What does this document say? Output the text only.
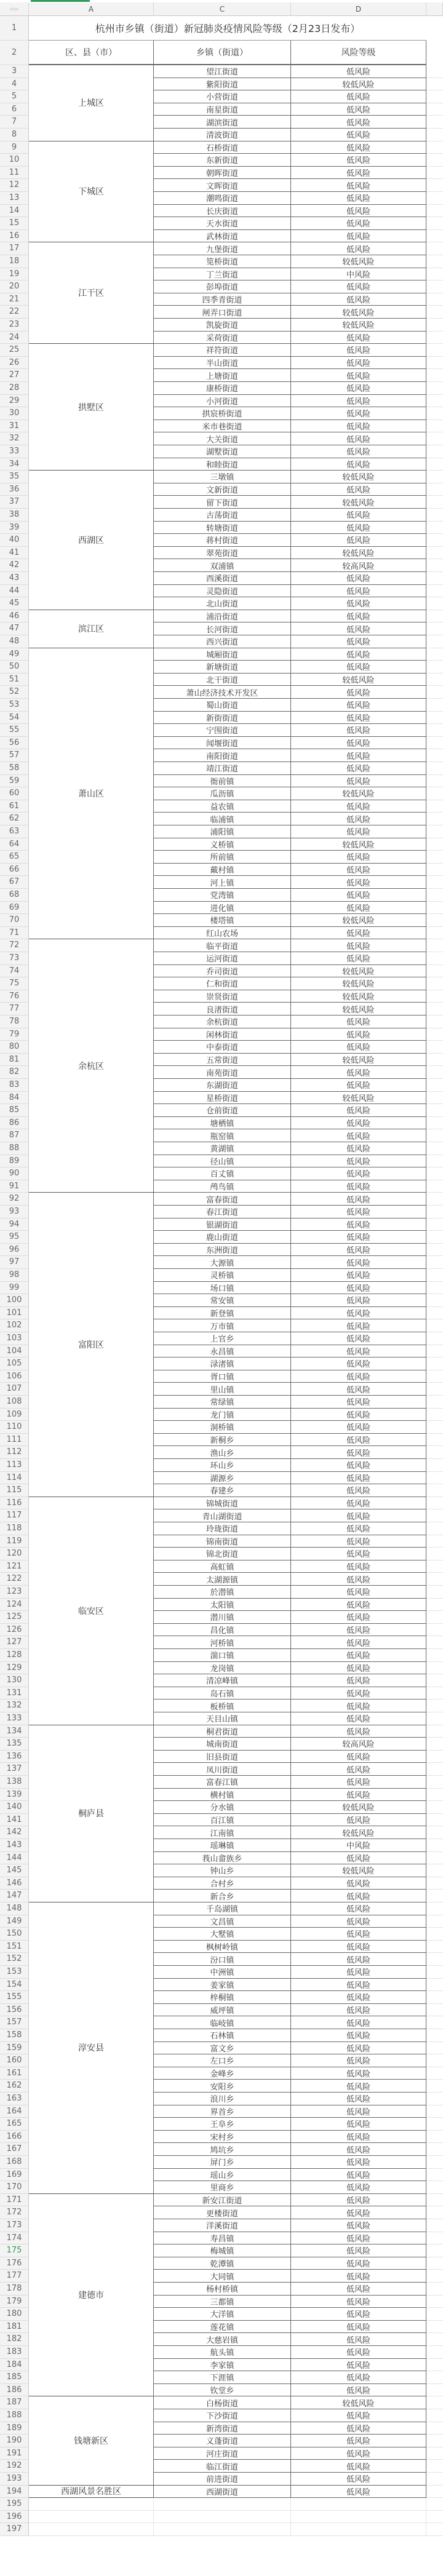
xlsx	A	C	D
1	杭州市乡镇（街道）新冠肺炎疫情风险等级（2月23日发布）
2	区、县（市）	乡镇（街道）	风险等级
上城区
3	望江街道	低风险
4	紫阳街道	较低风险
5	小营街道	低风险
6	南星街道	低风险
7	湖滨街道	低风险
8	清波街道	低风险
下城区
9	石桥街道	低风险
10	东新街道	低风险
11	朝晖街道	低风险
12	文晖街道	低风险
13	潮鸣街道	低风险
14	长庆街道	低风险
15	天水街道	低风险
16	武林街道	低风险
江干区
17	九堡街道	低风险
18	笕桥街道	较低风险
19	丁兰街道	中风险
20	彭埠街道	低风险
21	四季青街道	低风险
22	闸弄口街道	较低风险
23	凯旋街道	较低风险
24	采荷街道	低风险
拱墅区
25	祥符街道	低风险
26	半山街道	低风险
27	上塘街道	低风险
28	康桥街道	低风险
29	小河街道	低风险
30	拱宸桥街道	低风险
31	米市巷街道	低风险
32	大关街道	低风险
33	湖墅街道	低风险
34	和睦街道	低风险
西湖区
35	三墩镇	较低风险
36	文新街道	低风险
37	留下街道	较低风险
38	古荡街道	低风险
39	转塘街道	低风险
40	蒋村街道	低风险
41	翠苑街道	较低风险
42	双浦镇	较高风险
43	西溪街道	低风险
44	灵隐街道	低风险
45	北山街道	低风险
滨江区
46	浦沿街道	低风险
47	长河街道	低风险
48	西兴街道	低风险
萧山区
49	城厢街道	低风险
50	新塘街道	低风险
51	北干街道	较低风险
52	萧山经济技术开发区	低风险
53	蜀山街道	低风险
54	新街街道	低风险
55	宁围街道	低风险
56	闻堰街道	低风险
57	南阳街道	低风险
58	靖江街道	低风险
59	衙前镇	低风险
60	瓜沥镇	较低风险
61	益农镇	低风险
62	临浦镇	低风险
63	浦阳镇	低风险
64	义桥镇	较低风险
65	所前镇	低风险
66	戴村镇	低风险
67	河上镇	低风险
68	党湾镇	低风险
69	进化镇	低风险
70	楼塔镇	较低风险
71	红山农场	低风险
余杭区
72	临平街道	低风险
73	运河街道	低风险
74	乔司街道	较低风险
75	仁和街道	较低风险
76	崇贤街道	较低风险
77	良渚街道	较低风险
78	余杭街道	低风险
79	闲林街道	低风险
80	中泰街道	低风险
81	五常街道	较低风险
82	南苑街道	低风险
83	东湖街道	低风险
84	星桥街道	较低风险
85	仓前街道	低风险
86	塘栖镇	低风险
87	瓶窑镇	低风险
88	黄湖镇	低风险
89	径山镇	低风险
90	百丈镇	低风险
91	鸬鸟镇	低风险
富阳区
92	富春街道	低风险
93	春江街道	低风险
94	银湖街道	低风险
95	鹿山街道	低风险
96	东洲街道	低风险
97	大源镇	低风险
98	灵桥镇	低风险
99	场口镇	低风险
100	常安镇	低风险
101	新登镇	低风险
102	万市镇	低风险
103	上官乡	低风险
104	永昌镇	低风险
105	渌渚镇	低风险
106	胥口镇	低风险
107	里山镇	低风险
108	常绿镇	低风险
109	龙门镇	低风险
110	洞桥镇	低风险
111	新桐乡	低风险
112	渔山乡	低风险
113	环山乡	低风险
114	湖源乡	低风险
115	春建乡	低风险
临安区
116	锦城街道	低风险
117	青山湖街道	低风险
118	玲珑街道	低风险
119	锦南街道	低风险
120	锦北街道	低风险
121	高虹镇	低风险
122	太湖源镇	低风险
123	於潜镇	低风险
124	太阳镇	低风险
125	潜川镇	低风险
126	昌化镇	低风险
127	河桥镇	低风险
128	湍口镇	低风险
129	龙岗镇	低风险
130	清凉峰镇	低风险
131	岛石镇	低风险
132	板桥镇	低风险
133	天目山镇	低风险
桐庐县
134	桐君街道	低风险
135	城南街道	较高风险
136	旧县街道	低风险
137	凤川街道	低风险
138	富春江镇	低风险
139	横村镇	低风险
140	分水镇	较低风险
141	百江镇	低风险
142	江南镇	较低风险
143	瑶琳镇	中风险
144	莪山畲族乡	低风险
145	钟山乡	较低风险
146	合村乡	低风险
147	新合乡	低风险
淳安县
148	千岛湖镇	低风险
149	文昌镇	低风险
150	大墅镇	低风险
151	枫树岭镇	低风险
152	汾口镇	低风险
153	中洲镇	低风险
154	姜家镇	低风险
155	梓桐镇	低风险
156	威坪镇	低风险
157	临岐镇	低风险
158	石林镇	低风险
159	富文乡	低风险
160	左口乡	低风险
161	金峰乡	低风险
162	安阳乡	低风险
163	浪川乡	低风险
164	界首乡	低风险
165	王阜乡	低风险
166	宋村乡	低风险
167	鸠坑乡	低风险
168	屏门乡	低风险
169	瑶山乡	低风险
170	里商乡	低风险
建德市
171	新安江街道	低风险
172	更楼街道	低风险
173	洋溪街道	低风险
174	寿昌镇	低风险
175	梅城镇	低风险
176	乾潭镇	低风险
177	大同镇	低风险
178	杨村桥镇	低风险
179	三都镇	低风险
180	大洋镇	低风险
181	莲花镇	低风险
182	大慈岩镇	低风险
183	航头镇	低风险
184	李家镇	低风险
185	下涯镇	低风险
186	钦堂乡	低风险
钱塘新区
187	白杨街道	较低风险
188	下沙街道	低风险
189	新湾街道	低风险
190	义蓬街道	低风险
191	河庄街道	低风险
192	临江街道	低风险
193	前进街道	低风险
西湖风景名胜区
194	西湖街道	低风险
195
196
197
